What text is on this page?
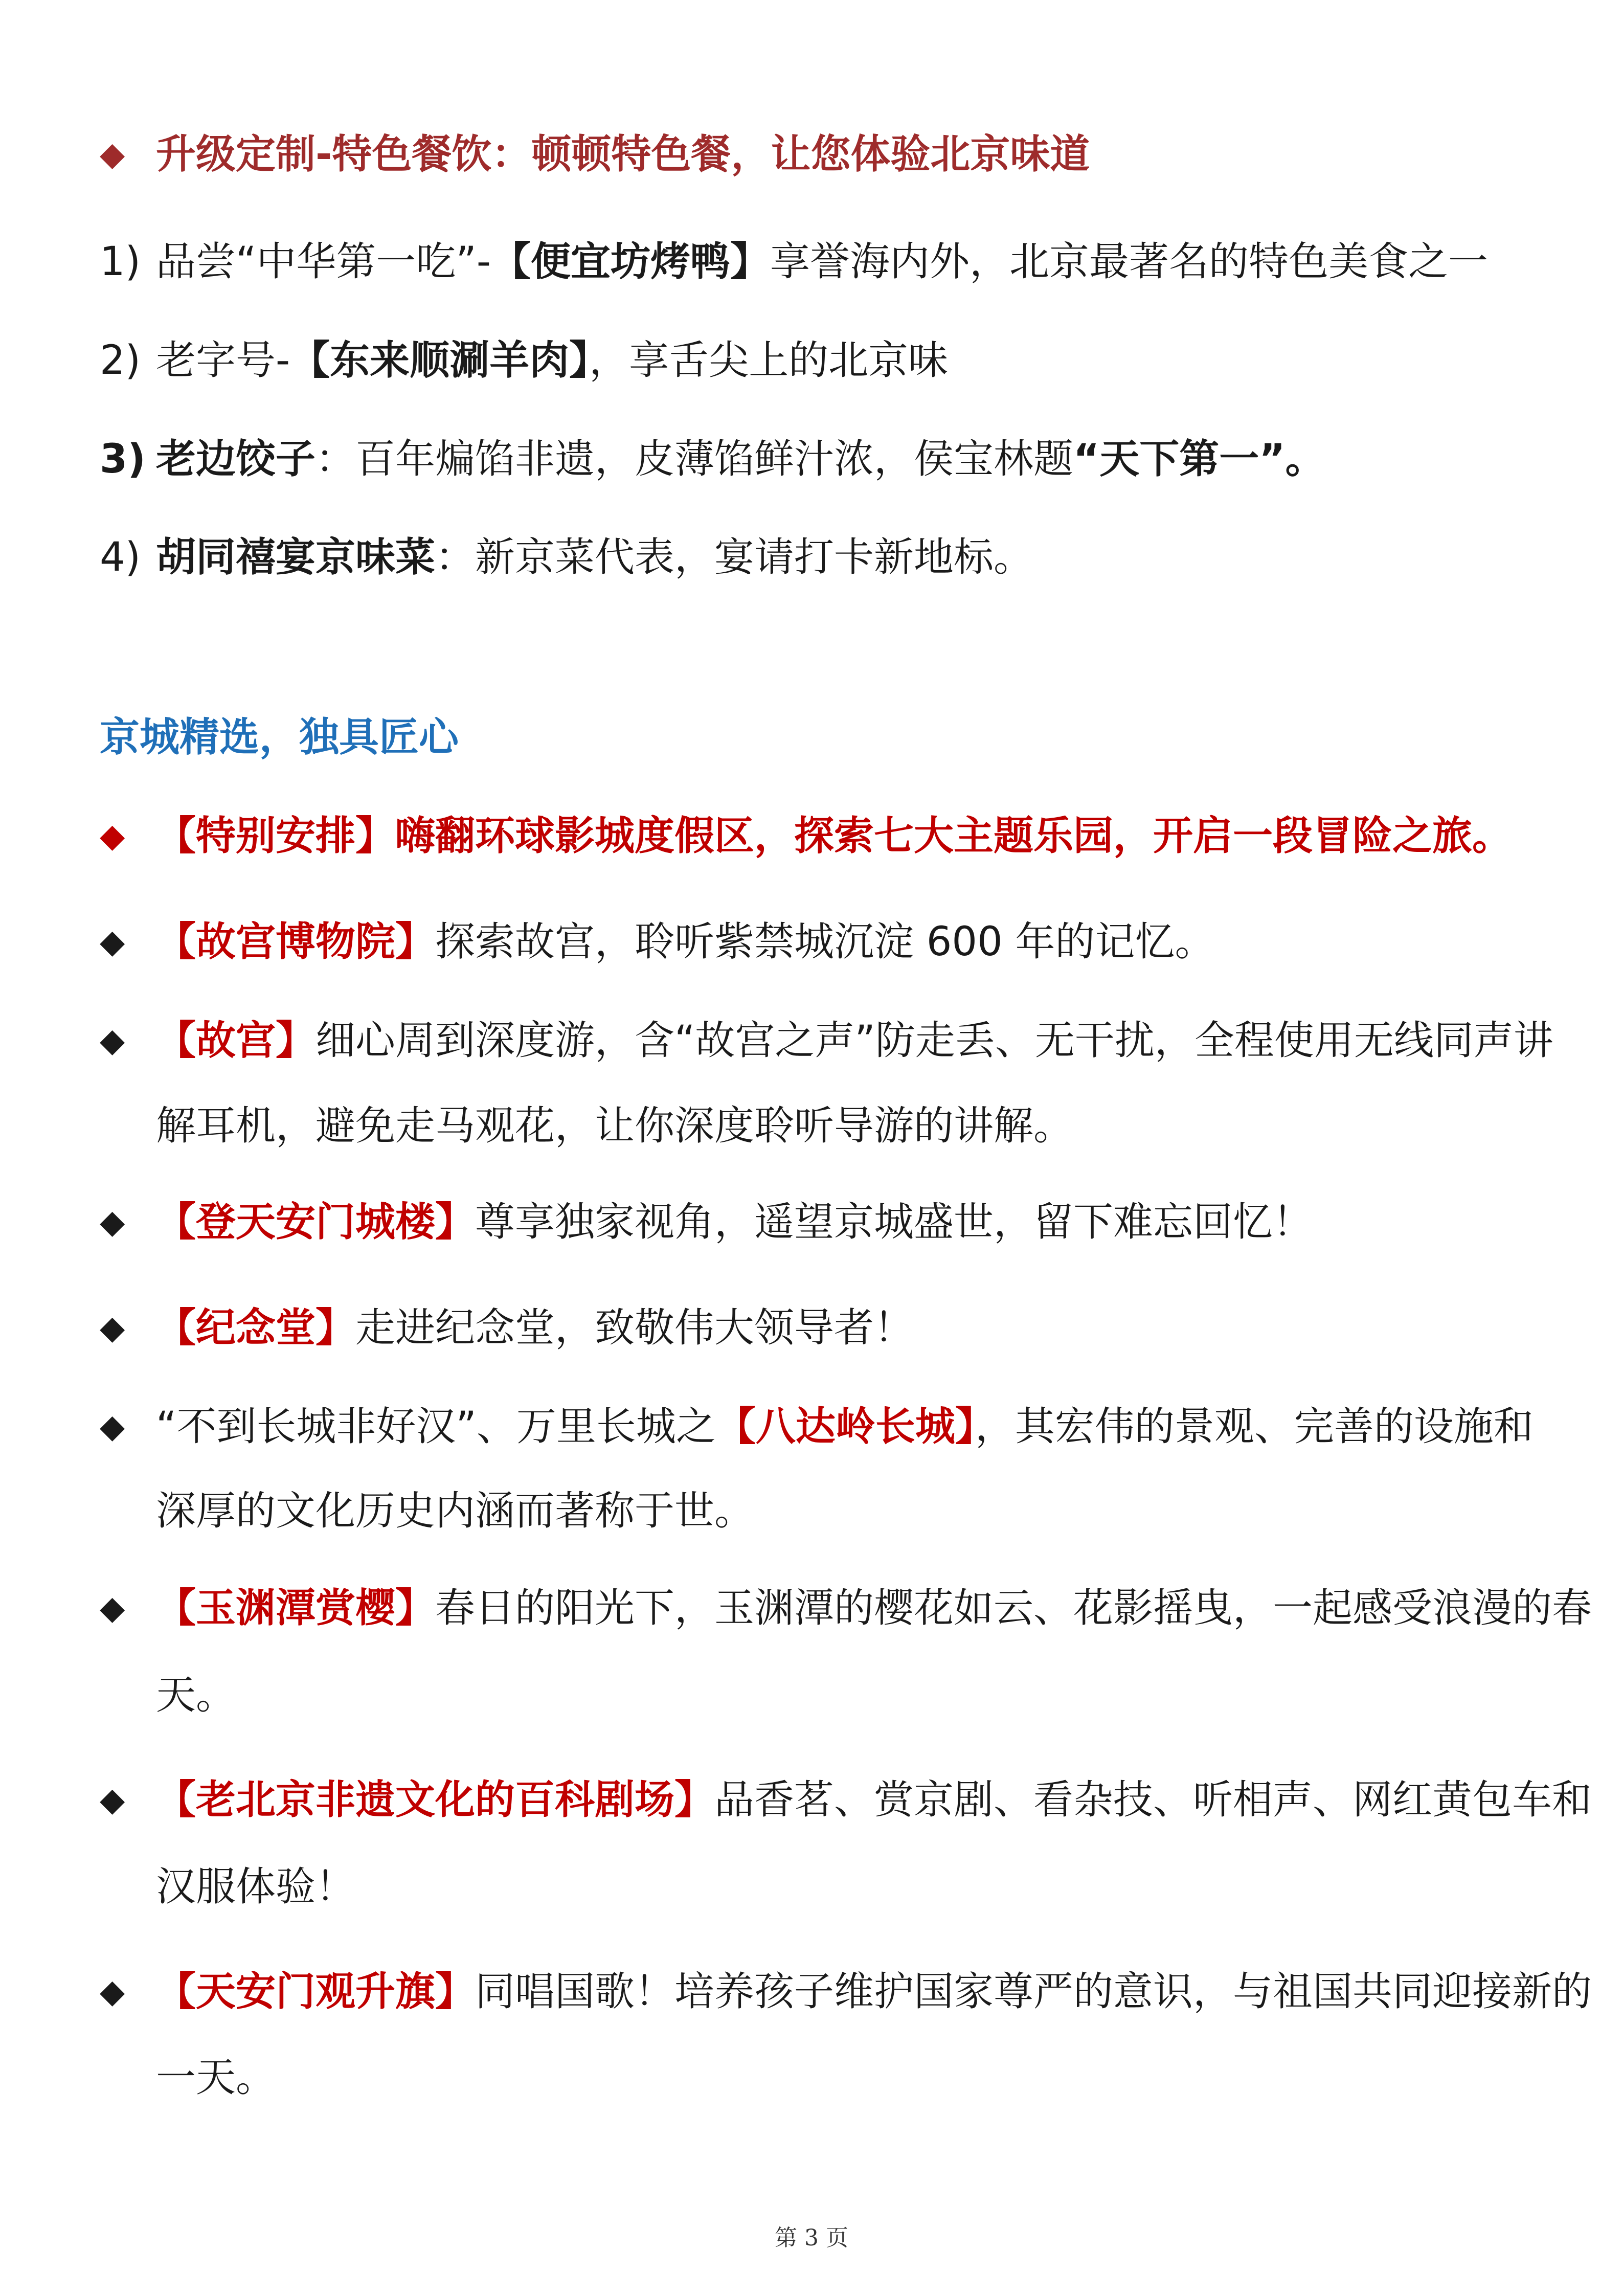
◆ 升级定制-特色餐饮：顿顿特色餐，让您体验北京味道
1) 品尝“中华第一吃”-【便宜坊烤鸭】享誉海内外，北京最著名的特色美食之一
2) 老字号-【东来顺涮羊肉】，享舌尖上的北京味
3) 老边饺子：百年煸馅非遗，皮薄馅鲜汁浓，侯宝林题“天下第一”。
4) 胡同禧宴京味菜：新京菜代表，宴请打卡新地标。
京城精选，独具匠心
◆ 【特别安排】嗨翻环球影城度假区，探索七大主题乐园，开启一段冒险之旅。
◆ 【故宫博物院】探索故宫，聆听紫禁城沉淀 600 年的记忆。
◆ 【故宫】细心周到深度游，含“故宫之声”防走丢、无干扰，全程使用无线同声讲
解耳机，避免走马观花，让你深度聆听导游的讲解。
◆ 【登天安门城楼】尊享独家视角，遥望京城盛世，留下难忘回忆！
◆ 【纪念堂】走进纪念堂，致敬伟大领导者！
◆ “不到长城非好汉”、万里长城之【八达岭长城】，其宏伟的景观、完善的设施和
深厚的文化历史内涵而著称于世。
◆ 【玉渊潭赏樱】春日的阳光下，玉渊潭的樱花如云、花影摇曳，一起感受浪漫的春
天。
◆ 【老北京非遗文化的百科剧场】品香茗、赏京剧、看杂技、听相声、网红黄包车和
汉服体验！
◆ 【天安门观升旗】同唱国歌！培养孩子维护国家尊严的意识，与祖国共同迎接新的
一天。
第 3 页
